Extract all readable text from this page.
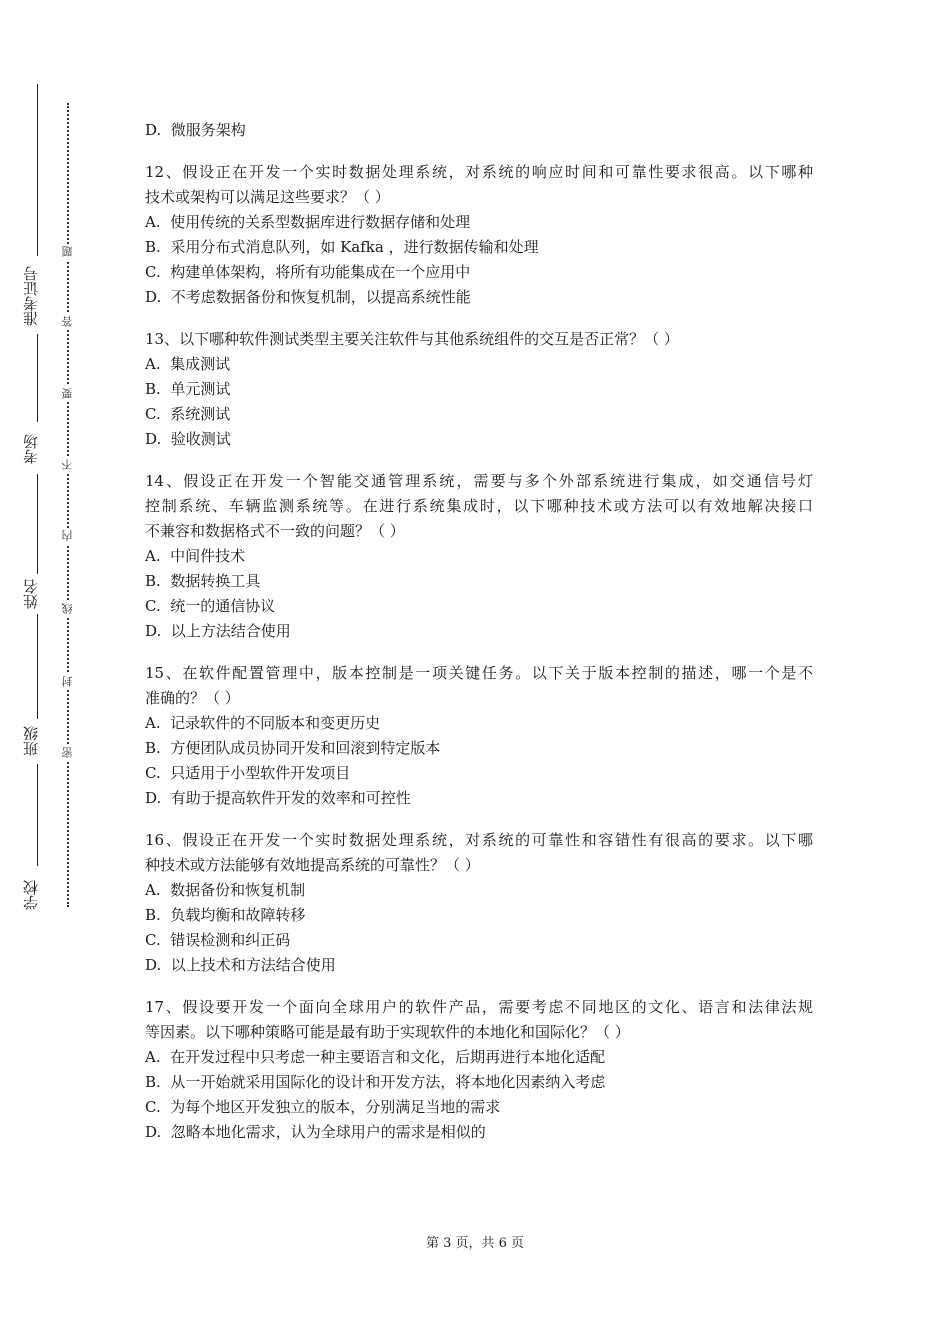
准考证号
考场
姓名
班级
学校
题
答
要
不
内
线
封
密
D.  微服务架构
12、假设正在开发一个实时数据处理系统，对系统的响应时间和可靠性要求很高。以下哪种
技术或架构可以满足这些要求？（ ）
A.  使用传统的关系型数据库进行数据存储和处理
B.  采用分布式消息队列，如 Kafka ，进行数据传输和处理
C.  构建单体架构，将所有功能集成在一个应用中
D.  不考虑数据备份和恢复机制，以提高系统性能
13、以下哪种软件测试类型主要关注软件与其他系统组件的交互是否正常？（ ）
A.  集成测试
B.  单元测试
C.  系统测试
D.  验收测试
14、假设正在开发一个智能交通管理系统，需要与多个外部系统进行集成，如交通信号灯
控制系统、车辆监测系统等。在进行系统集成时，以下哪种技术或方法可以有效地解决接口
不兼容和数据格式不一致的问题？（ ）
A.  中间件技术
B.  数据转换工具
C.  统一的通信协议
D.  以上方法结合使用
15、在软件配置管理中，版本控制是一项关键任务。以下关于版本控制的描述，哪一个是不
准确的？（ ）
A.  记录软件的不同版本和变更历史
B.  方便团队成员协同开发和回滚到特定版本
C.  只适用于小型软件开发项目
D.  有助于提高软件开发的效率和可控性
16、假设正在开发一个实时数据处理系统，对系统的可靠性和容错性有很高的要求。以下哪
种技术或方法能够有效地提高系统的可靠性？（ ）
A.  数据备份和恢复机制
B.  负载均衡和故障转移
C.  错误检测和纠正码
D.  以上技术和方法结合使用
17、假设要开发一个面向全球用户的软件产品，需要考虑不同地区的文化、语言和法律法规
等因素。以下哪种策略可能是最有助于实现软件的本地化和国际化？（ ）
A.  在开发过程中只考虑一种主要语言和文化，后期再进行本地化适配
B.  从一开始就采用国际化的设计和开发方法，将本地化因素纳入考虑
C.  为每个地区开发独立的版本，分别满足当地的需求
D.  忽略本地化需求，认为全球用户的需求是相似的
第 3 页，共 6 页
